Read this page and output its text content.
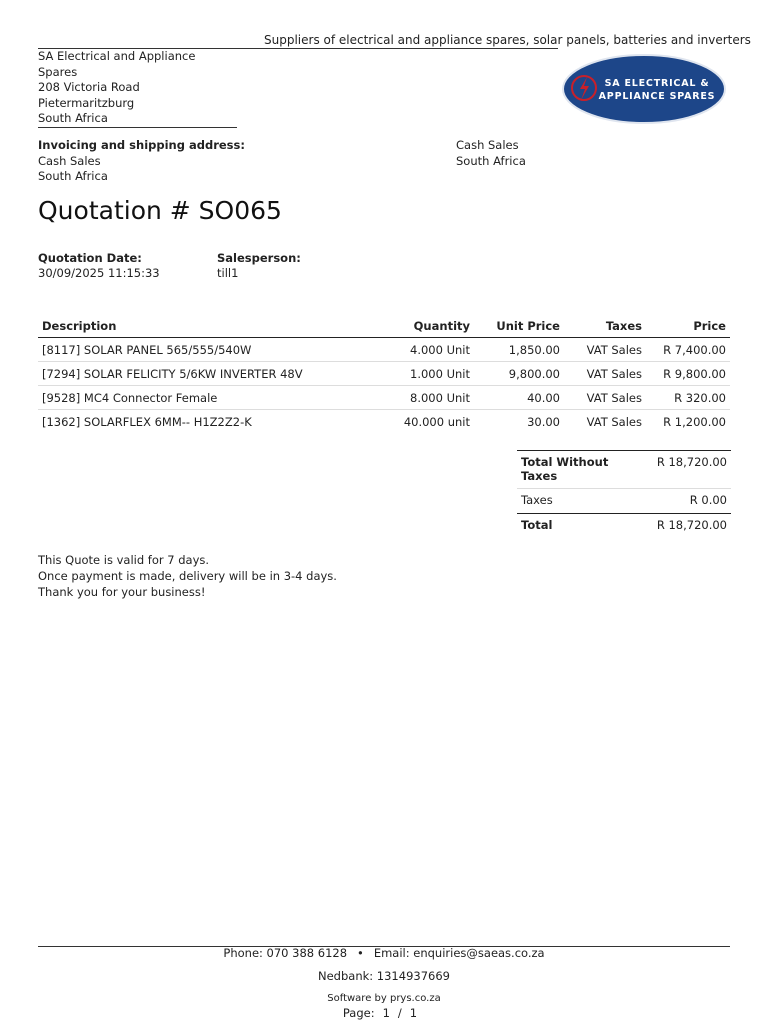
Suppliers of electrical and appliance spares, solar panels, batteries and inverters
SA Electrical and Appliance Spares
208 Victoria Road
Pietermaritzburg
South Africa
SA ELECTRICAL &
APPLIANCE SPARES
Invoicing and shipping address:
Cash Sales
South Africa
Cash Sales
South Africa
Quotation # SO065
Quotation Date:
30/09/2025 11:15:33
Salesperson:
till1
Description	Quantity	Unit Price	Taxes	Price
[8117] SOLAR PANEL 565/555/540W	4.000 Unit	1,850.00	VAT Sales	R 7,400.00
[7294] SOLAR FELICITY 5/6KW INVERTER 48V	1.000 Unit	9,800.00	VAT Sales	R 9,800.00
[9528] MC4 Connector Female	8.000 Unit	40.00	VAT Sales	R 320.00
[1362] SOLARFLEX 6MM-- H1Z2Z2-K	40.000 unit	30.00	VAT Sales	R 1,200.00
Total Without Taxes	R 18,720.00
Taxes	R 0.00
Total	R 18,720.00
This Quote is valid for 7 days.
Once payment is made, delivery will be in 3-4 days.
Thank you for your business!
Phone: 070 388 6128 • Email: enquiries@saeas.co.za
Nedbank: 1314937669
Software by prys.co.za
Page: 1 / 1
